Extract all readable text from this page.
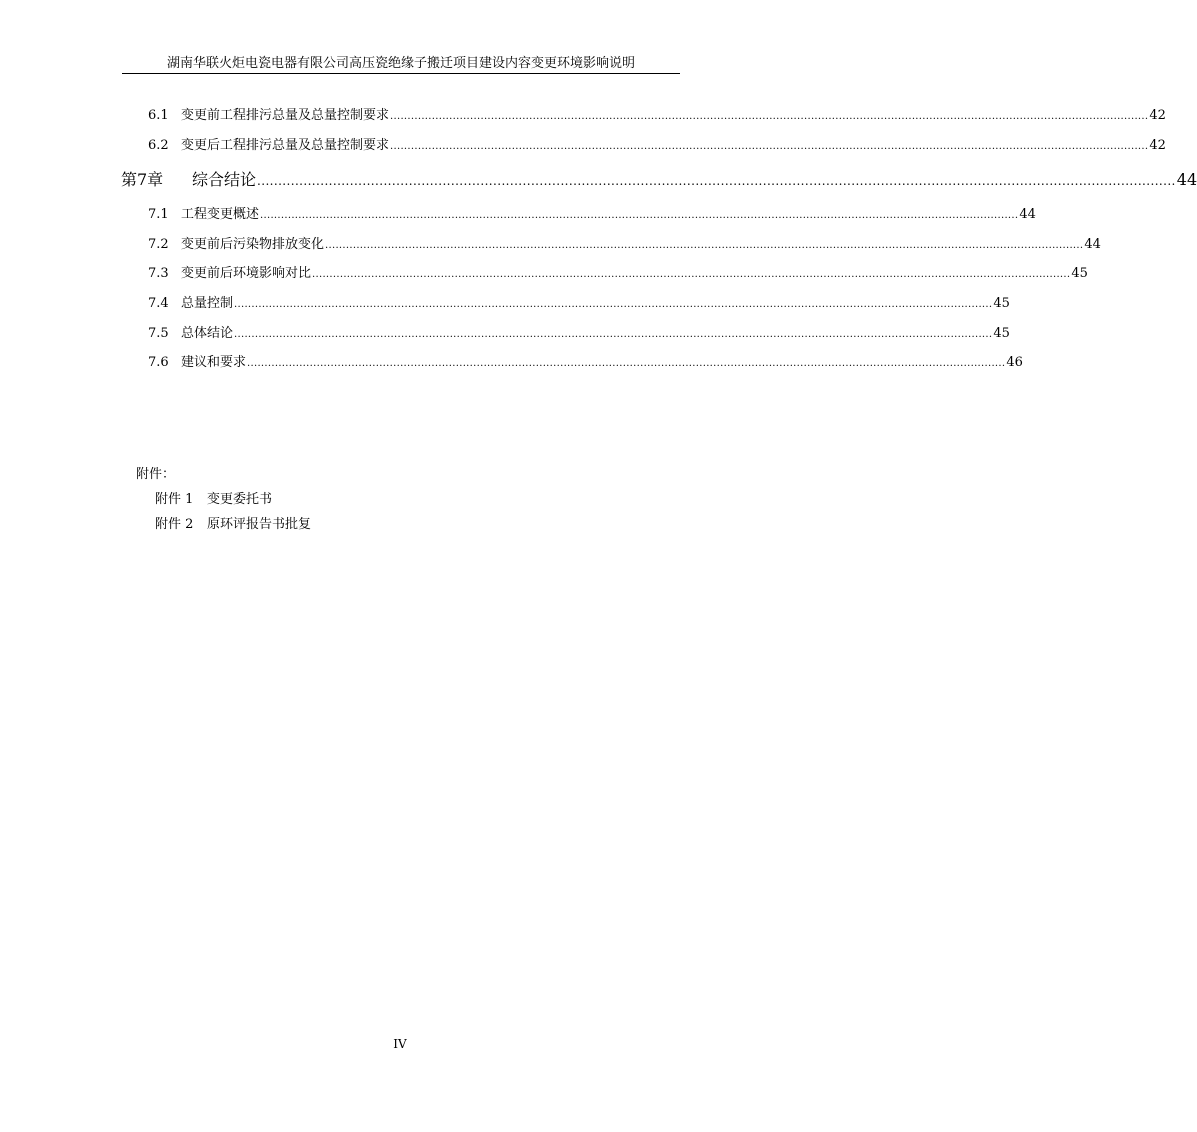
湖南华联火炬电瓷电器有限公司高压瓷绝缘子搬迁项目建设内容变更环境影响说明
6.1 变更前工程排污总量及总量控制要求 .......................................................................................................................................................................................................................... 42
6.2 变更后工程排污总量及总量控制要求 .......................................................................................................................................................................................................................... 42
第7章	综合结论 .......................................................................................................................................................................................................................... 44
7.1 工程变更概述 .......................................................................................................................................................................................................................... 44
7.2 变更前后污染物排放变化 .......................................................................................................................................................................................................................... 44
7.3 变更前后环境影响对比 .......................................................................................................................................................................................................................... 45
7.4 总量控制 .......................................................................................................................................................................................................................... 45
7.5 总体结论 .......................................................................................................................................................................................................................... 45
7.6 建议和要求 .......................................................................................................................................................................................................................... 46
附件：
附件 1 变更委托书
附件 2 原环评报告书批复
IV
